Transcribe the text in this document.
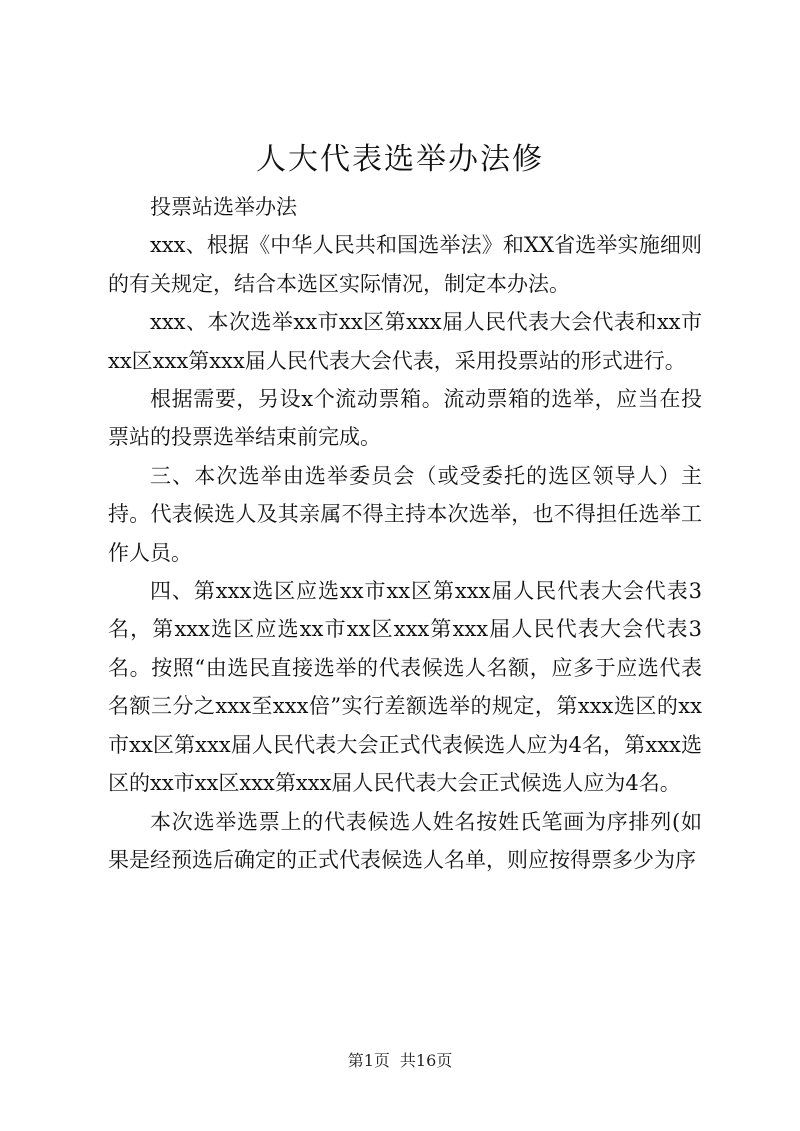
人大代表选举办法修

投票站选举办法

xxx、根据《中华人民共和国选举法》和XX省选举实施细则的有关规定，结合本选区实际情况，制定本办法。

xxx、本次选举xx市xx区第xxx届人民代表大会代表和xx市xx区xxx第xxx届人民代表大会代表，采用投票站的形式进行。

根据需要，另设x个流动票箱。流动票箱的选举，应当在投票站的投票选举结束前完成。

三、本次选举由选举委员会（或受委托的选区领导人）主持。代表候选人及其亲属不得主持本次选举，也不得担任选举工作人员。

四、第xxx选区应选xx市xx区第xxx届人民代表大会代表3名，第xxx选区应选xx市xx区xxx第xxx届人民代表大会代表3名。按照“由选民直接选举的代表候选人名额，应多于应选代表名额三分之xxx至xxx倍”实行差额选举的规定，第xxx选区的xx市xx区第xxx届人民代表大会正式代表候选人应为4名，第xxx选区的xx市xx区xxx第xxx届人民代表大会正式候选人应为4名。

本次选举选票上的代表候选人姓名按姓氏笔画为序排列(如果是经预选后确定的正式代表候选人名单，则应按得票多少为序

第1页 共16页
